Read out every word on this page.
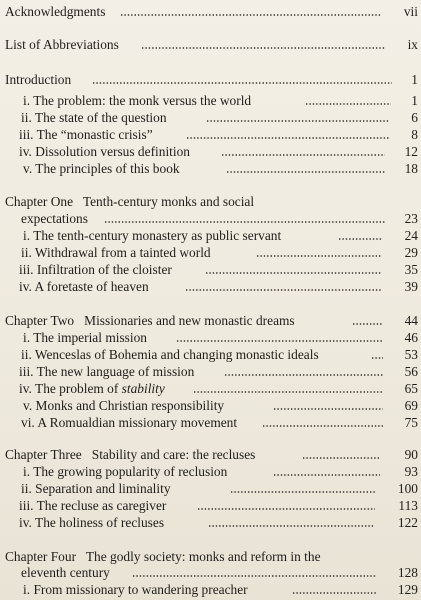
Acknowledgments	vii
List of Abbreviations	ix
Introduction	1
i. The problem: the monk versus the world	1
ii. The state of the question	6
iii. The “monastic crisis”	8
iv. Dissolution versus definition	12
v. The principles of this book	18
Chapter One Tenth-century monks and social
expectations	23
i. The tenth-century monastery as public servant	24
ii. Withdrawal from a tainted world	29
iii. Infiltration of the cloister	35
iv. A foretaste of heaven	39
Chapter Two Missionaries and new monastic dreams	44
i. The imperial mission	46
ii. Wenceslas of Bohemia and changing monastic ideals	53
iii. The new language of mission	56
iv. The problem of stability	65
v. Monks and Christian responsibility	69
vi. A Romualdian missionary movement	75
Chapter Three Stability and care: the recluses	90
i. The growing popularity of reclusion	93
ii. Separation and liminality	100
iii. The recluse as caregiver	113
iv. The holiness of recluses	122
Chapter Four The godly society: monks and reform in the
eleventh century	128
i. From missionary to wandering preacher	129
